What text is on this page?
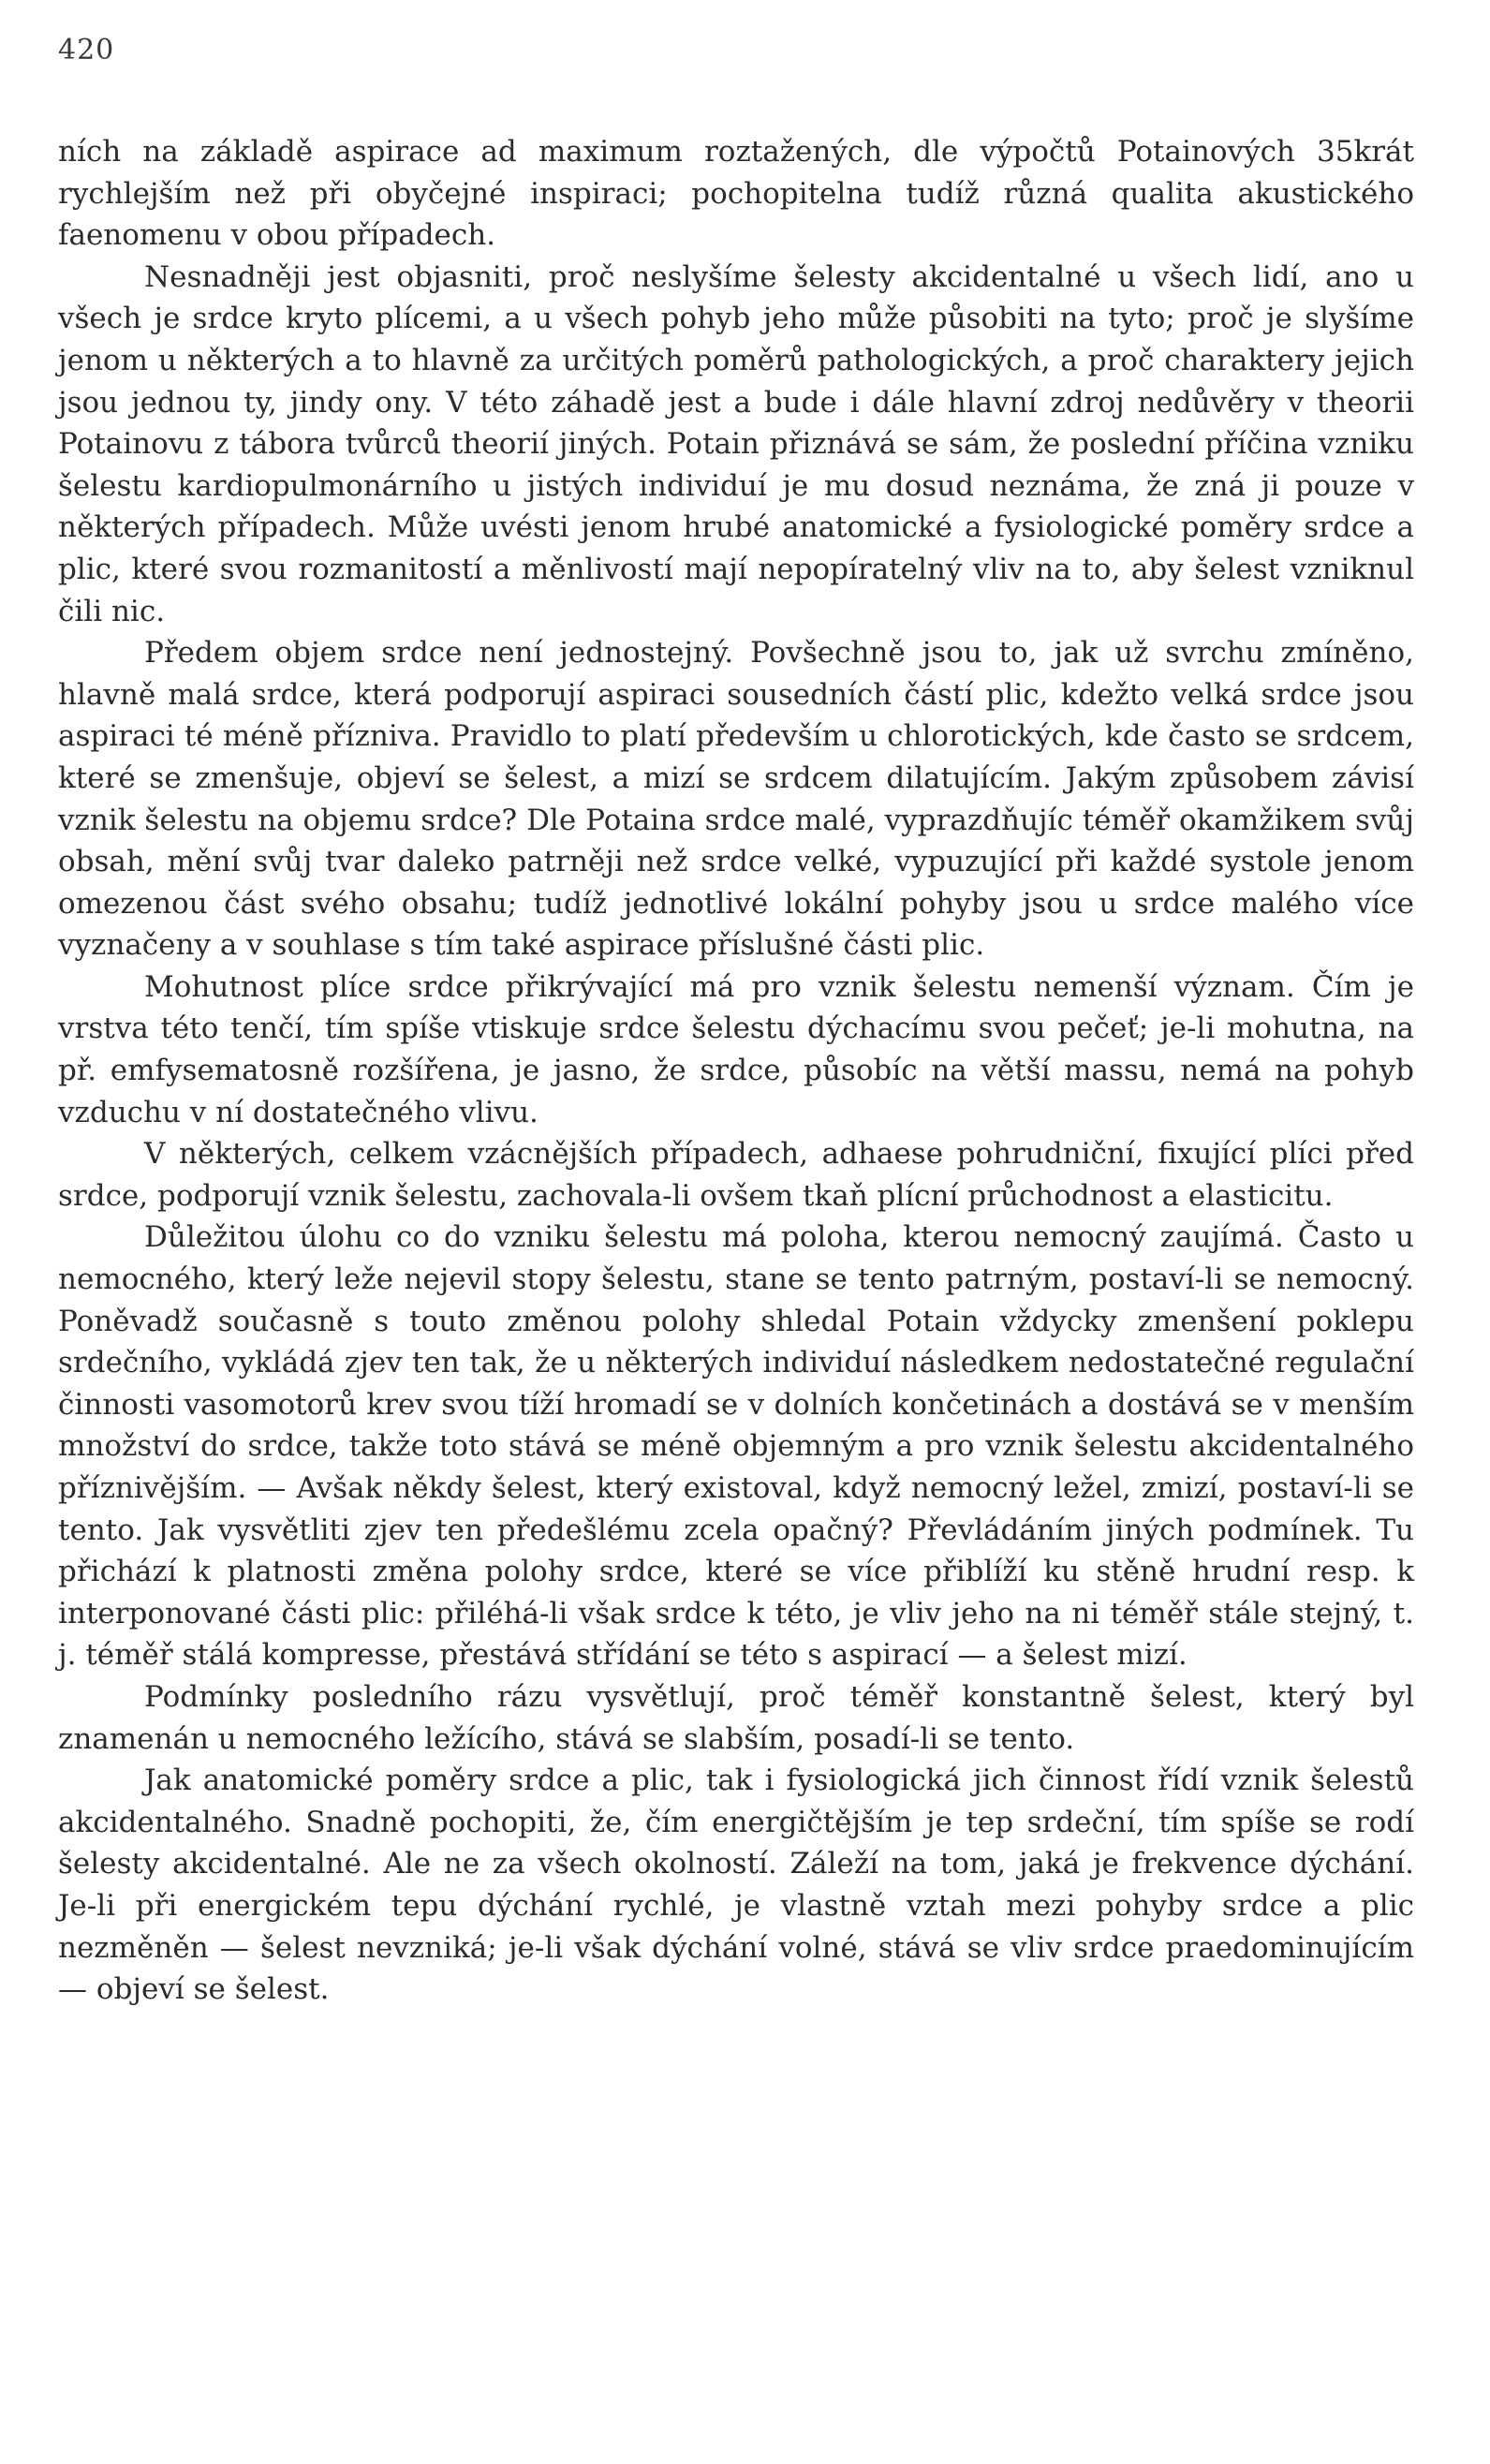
420

ních na základě aspirace ad maximum roztažených, dle výpočtů Potainových 35krát rychlejším než při obyčejné inspiraci; pochopitelna tudíž různá qualita akustického faenomenu v obou případech.

Nesnadněji jest objasniti, proč neslyšíme šelesty akcidentalné u všech lidí, ano u všech je srdce kryto plícemi, a u všech pohyb jeho může působiti na tyto; proč je slyšíme jenom u některých a to hlavně za určitých poměrů pathologických, a proč charaktery jejich jsou jednou ty, jindy ony. V této záhadě jest a bude i dále hlavní zdroj nedůvěry v theorii Potainovu z tábora tvůrců theorií jiných. Potain přiznává se sám, že poslední příčina vzniku šelestu kardiopulmonárního u jistých individuí je mu dosud neznáma, že zná ji pouze v některých případech. Může uvésti jenom hrubé anatomické a fysiologické poměry srdce a plic, které svou rozmanitostí a měnlivostí mají nepopíratelný vliv na to, aby šelest vzniknul čili nic.

Předem objem srdce není jednostejný. Povšechně jsou to, jak už svrchu zmíněno, hlavně malá srdce, která podporují aspiraci sousedních částí plic, kdežto velká srdce jsou aspiraci té méně příznivа. Pravidlo to platí především u chlorotických, kde často se srdcem, které se zmenšuje, objeví se šelest, a mizí se srdcem dilatujícím. Jakým způsobem závisí vznik šelestu na objemu srdce? Dle Potaina srdce malé, vyprazdňujíc téměř okamžikem svůj obsah, mění svůj tvar daleko patrněji než srdce velké, vypuzující při každé systole jenom omezenou část svého obsahu; tudíž jednotlivé lokální pohyby jsou u srdce malého více vyznačeny a v souhlase s tím také aspirace příslušné části plic.

Mohutnost plíce srdce přikrývající má pro vznik šelestu nemenší význam. Čím je vrstva této tenčí, tím spíše vtiskuje srdce šelestu dýchacímu svou pečeť; je-li mohutna, na př. emfysematosně rozšířena, je jasno, že srdce, působíc na větší massu, nemá na pohyb vzduchu v ní dostatečného vlivu.

V některých, celkem vzácnějších případech, adhaese pohrudniční, fixující plíci před srdce, podporují vznik šelestu, zachovala-li ovšem tkaň plícní průchodnost a elasticitu.

Důležitou úlohu co do vzniku šelestu má poloha, kterou nemocný zaujímá. Často u nemocného, který leže nejevil stopy šelestu, stane se tento patrným, postaví-li se nemocný. Poněvadž současně s touto změnou polohy shledal Potain vždycky zmenšení poklepu srdečního, vykládá zjev ten tak, že u některých individuí následkem nedostatečné regulační činnosti vasomotorů krev svou tíží hromadí se v dolních končetinách a dostává se v menším množství do srdce, takže toto stává se méně objemným a pro vznik šelestu akcidentalného příznivějším. — Avšak někdy šelest, který existoval, když nemocný ležel, zmizí, postaví-li se tento. Jak vysvětliti zjev ten předešlému zcela opačný? Převládáním jiných podmínek. Tu přichází k platnosti změna polohy srdce, které se více přiblíží ku stěně hrudní resp. k interponované části plic: přiléhá-li však srdce k této, je vliv jeho na ni téměř stále stejný, t. j. téměř stálá kompresse, přestává střídání se této s aspirací — a šelest mizí.

Podmínky posledního rázu vysvětlují, proč téměř konstantně šelest, který byl znamenán u nemocného ležícího, stává se slabším, posadí-li se tento.

Jak anatomické poměry srdce a plic, tak i fysiologická jich činnost řídí vznik šelestů akcidentalného. Snadně pochopiti, že, čím energičtějším je tep srdeční, tím spíše se rodí šelesty akcidentalné. Ale ne za všech okolností. Záleží na tom, jaká je frekvence dýchání. Je-li při energickém tepu dýchání rychlé, je vlastně vztah mezi pohyby srdce a plic nezměněn — šelest nevzniká; je-li však dýchání volné, stává se vliv srdce praedominujícím — objeví se šelest.
